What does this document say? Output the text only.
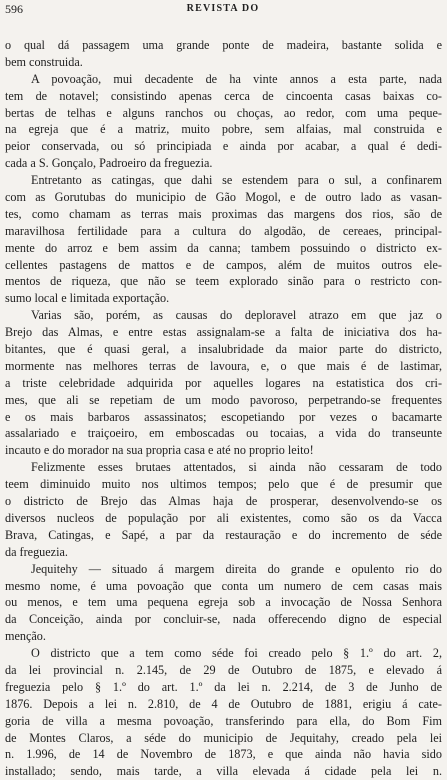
596	REVISTA DO
o qual dá passagem uma grande ponte de madeira, bastante solida e
bem construida.
A povoação, mui decadente de ha vinte annos a esta parte, nada
tem de notavel; consistindo apenas cerca de cincoenta casas baixas co-
bertas de telhas e alguns ranchos ou choças, ao redor, com uma peque-
na egreja que é a matriz, muito pobre, sem alfaias, mal construida e
peior conservada, ou só principiada e ainda por acabar, a qual é dedi-
cada a S. Gonçalo, Padroeiro da freguezia.
Entretanto as catingas, que dahi se estendem para o sul, a confinarem
com as Gorutubas do municipio de Gão Mogol, e de outro lado as vasan-
tes, como chamam as terras mais proximas das margens dos rios, são de
maravilhosa fertilidade para a cultura do algodão, de cereaes, principal-
mente do arroz e bem assim da canna; tambem possuindo o districto ex-
cellentes pastagens de mattos e de campos, além de muitos outros ele-
mentos de riqueza, que não se teem explorado sinão para o restricto con-
sumo local e limitada exportação.
Varias são, porém, as causas do deploravel atrazo em que jaz o
Brejo das Almas, e entre estas assignalam-se a falta de iniciativa dos ha-
bitantes, que é quasi geral, a insalubridade da maior parte do districto,
mormente nas melhores terras de lavoura, e, o que mais é de lastimar,
a triste celebridade adquirida por aquelles logares na estatistica dos cri-
mes, que ali se repetiam de um modo pavoroso, perpetrando-se frequentes
e os mais barbaros assassinatos; escopetiando por vezes o bacamarte
assalariado e traiçoeiro, em emboscadas ou tocaias, a vida do transeunte
incauto e do morador na sua propria casa e até no proprio leito!
Felizmente esses brutaes attentados, si ainda não cessaram de todo
teem diminuido muito nos ultimos tempos; pelo que é de presumir que
o districto de Brejo das Almas haja de prosperar, desenvolvendo-se os
diversos nucleos de população por ali existentes, como são os da Vacca
Brava, Catingas, e Sapé, a par da restauração e do incremento de séde
da freguezia.
Jequitehy — situado á margem direita do grande e opulento rio do
mesmo nome, é uma povoação que conta um numero de cem casas mais
ou menos, e tem uma pequena egreja sob a invocação de Nossa Senhora
da Conceição, ainda por concluir-se, nada offerecendo digno de especial
menção.
O districto que a tem como séde foi creado pelo § 1.º do art. 2,
da lei provincial n. 2.145, de 29 de Outubro de 1875, e elevado á
freguezia pelo § 1.º do art. 1.º da lei n. 2.214, de 3 de Junho de
1876. Depois a lei n. 2.810, de 4 de Outubro de 1881, erigiu á cate-
goria de villa a mesma povoação, transferindo para ella, do Bom Fim
de Montes Claros, a séde do municipio de Jequitahy, creado pela lei
n. 1.996, de 14 de Novembro de 1873, e que ainda não havia sido
installado; sendo, mais tarde, a villa elevada á cidade pela lei n.
